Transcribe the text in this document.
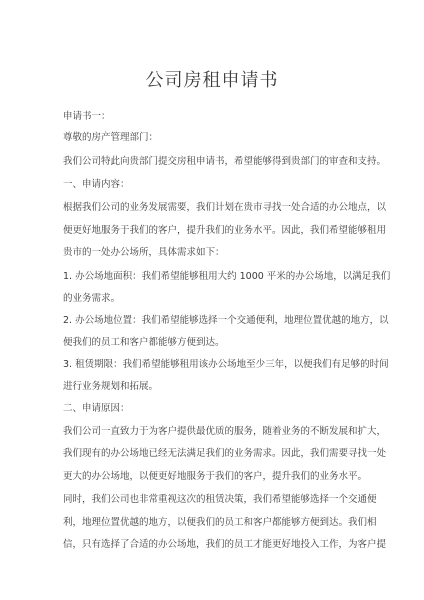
公司房租申请书
申请书一：
尊敬的房产管理部门：
我们公司特此向贵部门提交房租申请书，希望能够得到贵部门的审查和支持。
一、申请内容：
根据我们公司的业务发展需要，我们计划在贵市寻找一处合适的办公地点，以
便更好地服务于我们的客户，提升我们的业务水平。因此，我们希望能够租用
贵市的一处办公场所，具体需求如下：
1. 办公场地面积：我们希望能够租用大约 1000 平米的办公场地，以满足我们
的业务需求。
2. 办公场地位置：我们希望能够选择一个交通便利，地理位置优越的地方，以
便我们的员工和客户都能够方便到达。
3. 租赁期限：我们希望能够租用该办公场地至少三年，以便我们有足够的时间
进行业务规划和拓展。
二、申请原因：
我们公司一直致力于为客户提供最优质的服务，随着业务的不断发展和扩大，
我们现有的办公场地已经无法满足我们的业务需求。因此，我们需要寻找一处
更大的办公场地，以便更好地服务于我们的客户，提升我们的业务水平。
同时，我们公司也非常重视这次的租赁决策，我们希望能够选择一个交通便
利，地理位置优越的地方，以便我们的员工和客户都能够方便到达。我们相
信，只有选择了合适的办公场地，我们的员工才能更好地投入工作，为客户提
